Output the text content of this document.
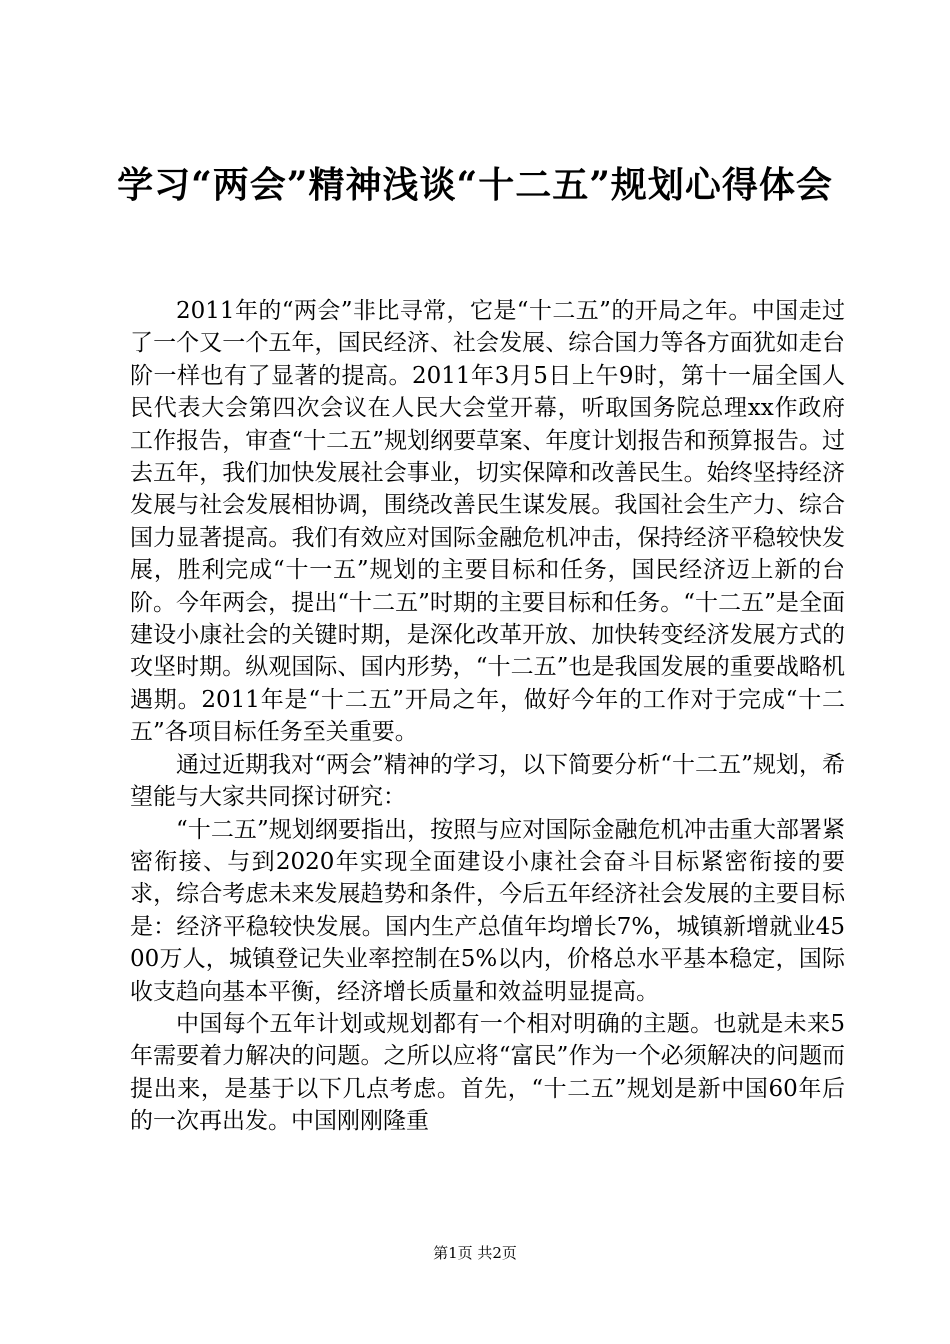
学习“两会”精神浅谈“十二五”规划心得体会

2011年的“两会”非比寻常，它是“十二五”的开局之年。中国走过了一个又一个五年，国民经济、社会发展、综合国力等各方面犹如走台阶一样也有了显著的提高。2011年3月5日上午9时，第十一届全国人民代表大会第四次会议在人民大会堂开幕，听取国务院总理xx作政府工作报告，审查“十二五”规划纲要草案、年度计划报告和预算报告。过去五年，我们加快发展社会事业，切实保障和改善民生。始终坚持经济发展与社会发展相协调，围绕改善民生谋发展。我国社会生产力、综合国力显著提高。我们有效应对国际金融危机冲击，保持经济平稳较快发展，胜利完成“十一五”规划的主要目标和任务，国民经济迈上新的台阶。今年两会，提出“十二五”时期的主要目标和任务。“十二五”是全面建设小康社会的关键时期，是深化改革开放、加快转变经济发展方式的攻坚时期。纵观国际、国内形势，“十二五”也是我国发展的重要战略机遇期。2011年是“十二五”开局之年，做好今年的工作对于完成“十二五”各项目标任务至关重要。

通过近期我对“两会”精神的学习，以下简要分析“十二五”规划，希望能与大家共同探讨研究：

“十二五”规划纲要指出，按照与应对国际金融危机冲击重大部署紧密衔接、与到2020年实现全面建设小康社会奋斗目标紧密衔接的要求，综合考虑未来发展趋势和条件，今后五年经济社会发展的主要目标是：经济平稳较快发展。国内生产总值年均增长7%，城镇新增就业4500万人，城镇登记失业率控制在5%以内，价格总水平基本稳定，国际收支趋向基本平衡，经济增长质量和效益明显提高。

中国每个五年计划或规划都有一个相对明确的主题。也就是未来5年需要着力解决的问题。之所以应将“富民”作为一个必须解决的问题而提出来，是基于以下几点考虑。首先，“十二五”规划是新中国60年后的一次再出发。中国刚刚隆重

第1页 共2页
